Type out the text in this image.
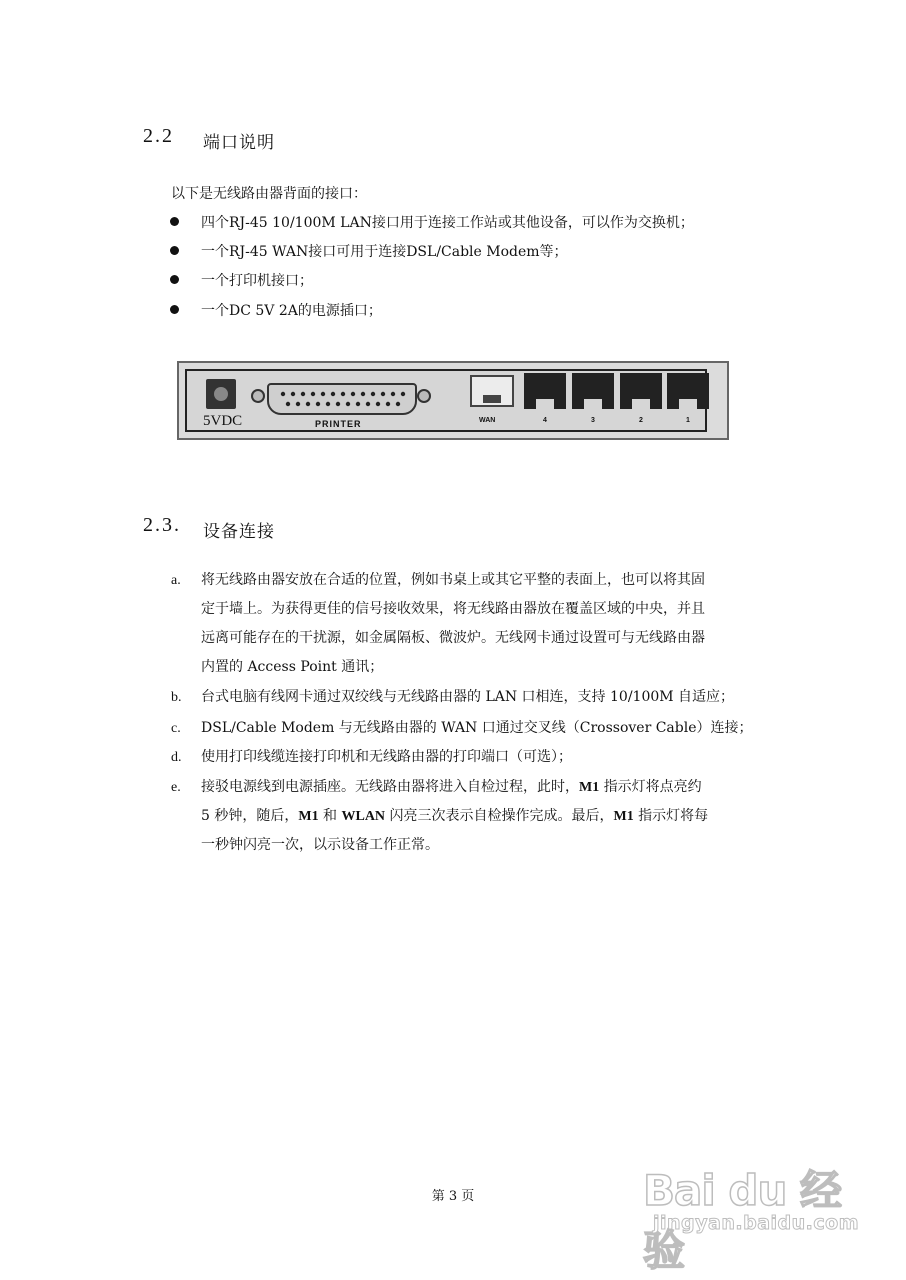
2.2 端口说明
以下是无线路由器背面的接口：
四个RJ-45 10/100M LAN接口用于连接工作站或其他设备，可以作为交换机；
一个RJ-45 WAN接口可用于连接DSL/Cable Modem等；
一个打印机接口；
一个DC 5V 2A的电源插口；
5VDC	PRINTER	WAN	4	3	2	1
2.3. 设备连接
a. 将无线路由器安放在合适的位置，例如书桌上或其它平整的表面上，也可以将其固
定于墙上。为获得更佳的信号接收效果，将无线路由器放在覆盖区域的中央，并且
远离可能存在的干扰源，如金属隔板、微波炉。无线网卡通过设置可与无线路由器
内置的 Access Point 通讯；
b. 台式电脑有线网卡通过双绞线与无线路由器的 LAN 口相连，支持 10/100M 自适应；
c. DSL/Cable Modem 与无线路由器的 WAN 口通过交叉线（Crossover Cable）连接；
d. 使用打印线缆连接打印机和无线路由器的打印端口（可选）；
e. 接驳电源线到电源插座。无线路由器将进入自检过程，此时，M1 指示灯将点亮约
5 秒钟，随后，M1 和 WLAN 闪亮三次表示自检操作完成。最后，M1 指示灯将每
一秒钟闪亮一次，以示设备工作正常。
第 3 页	Bai du 经验
jingyan.baidu.com
